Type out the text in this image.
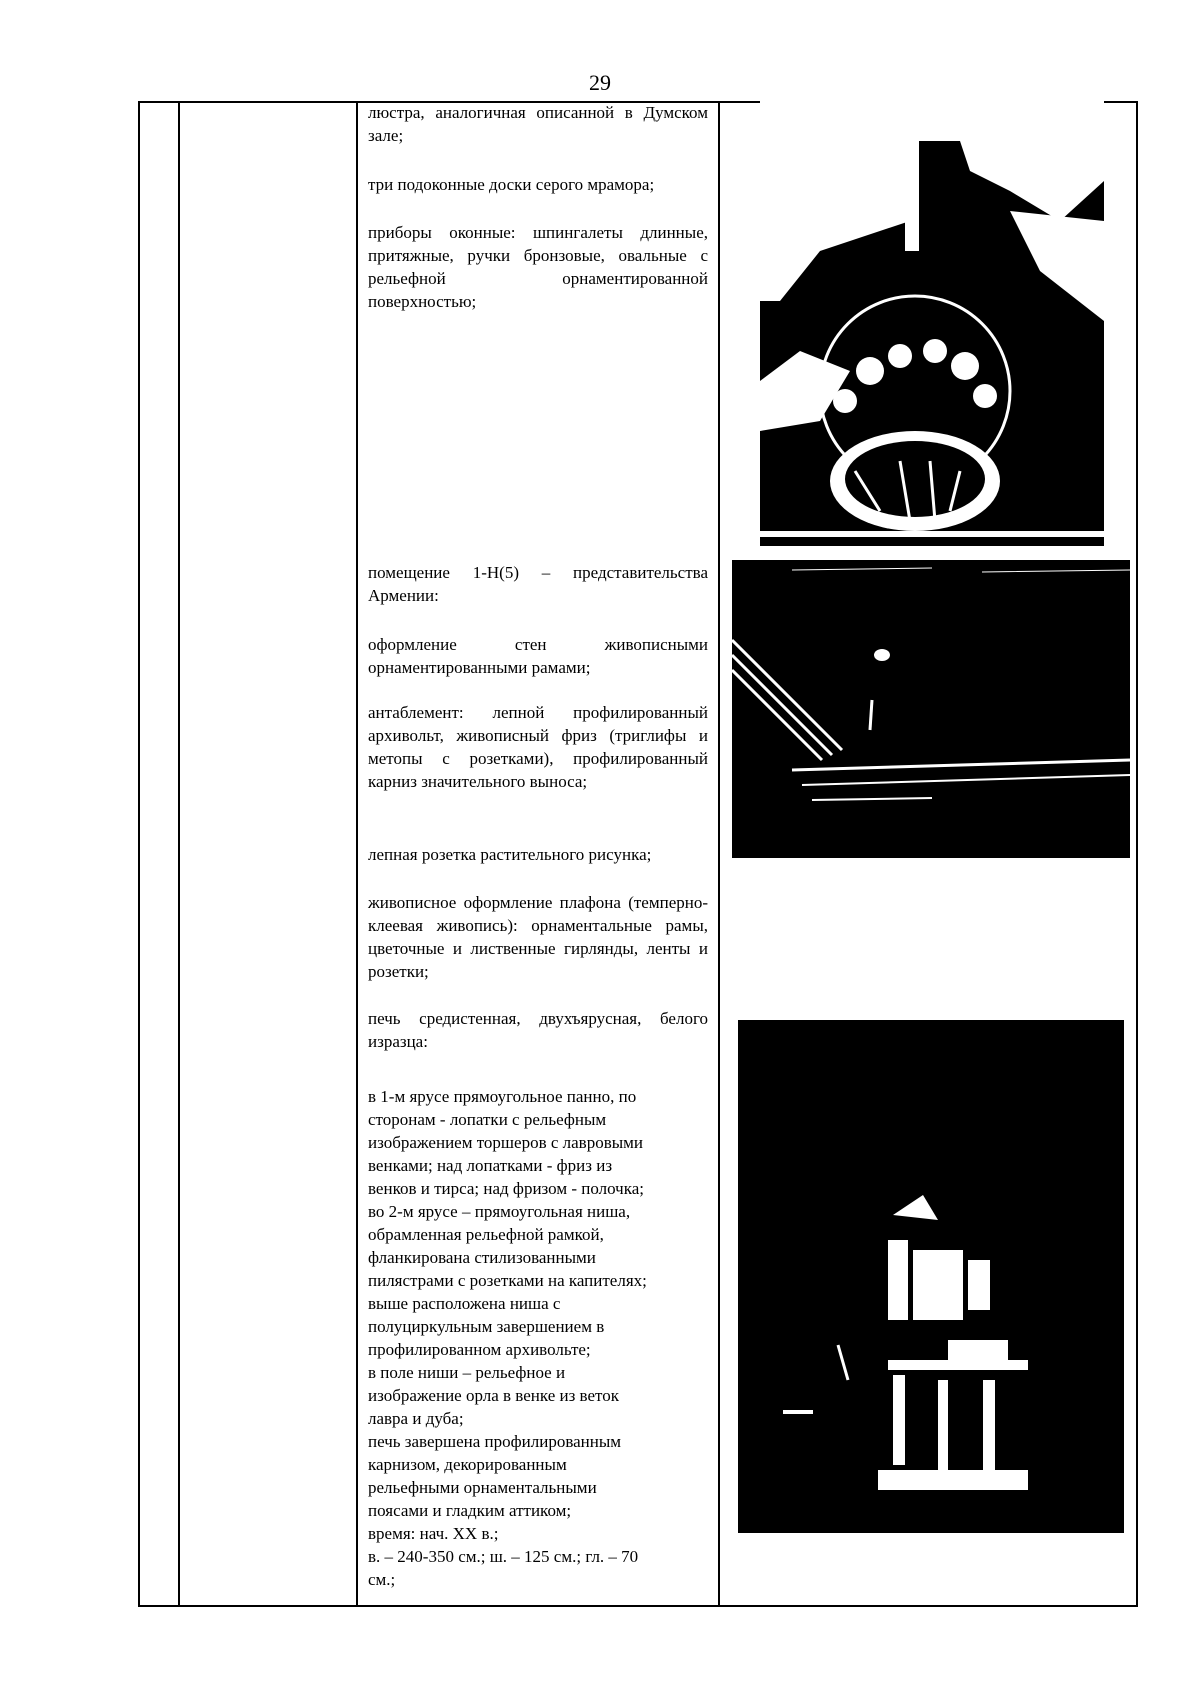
29
люстра, аналогичная описанной в Думском зале;
три подоконные доски серого мрамора;
приборы оконные: шпингалеты длинные, притяжные, ручки бронзовые, овальные с рельефной орнаментированной поверхностью;
помещение 1-Н(5) – представительства Армении:
оформление стен живописными орнаментированными рамами;
антаблемент: лепной профилированный архивольт, живописный фриз (триглифы и метопы с розетками), профилированный карниз значительного выноса;
лепная розетка растительного рисунка;
живописное оформление плафона (темперно-клеевая живопись): орнаментальные рамы, цветочные и лиственные гирлянды, ленты и розетки;
печь средистенная, двухъярусная, белого изразца:
в 1-м ярусе прямоугольное панно, по
сторонам - лопатки с рельефным
изображением торшеров с лавровыми
венками; над лопатками - фриз из
венков и тирса; над фризом - полочка;
во 2-м ярусе – прямоугольная ниша,
обрамленная рельефной рамкой,
фланкирована стилизованными
пилястрами с розетками на капителях;
выше расположена ниша с
полуциркульным завершением в
профилированном архивольте;
в поле ниши – рельефное и
изображение орла в венке из веток
лавра и дуба;
печь завершена профилированным
карнизом, декорированным
рельефными орнаментальными
поясами и гладким аттиком;
время: нач. XX в.;
в. – 240-350 см.; ш. – 125 см.; гл. – 70
см.;
